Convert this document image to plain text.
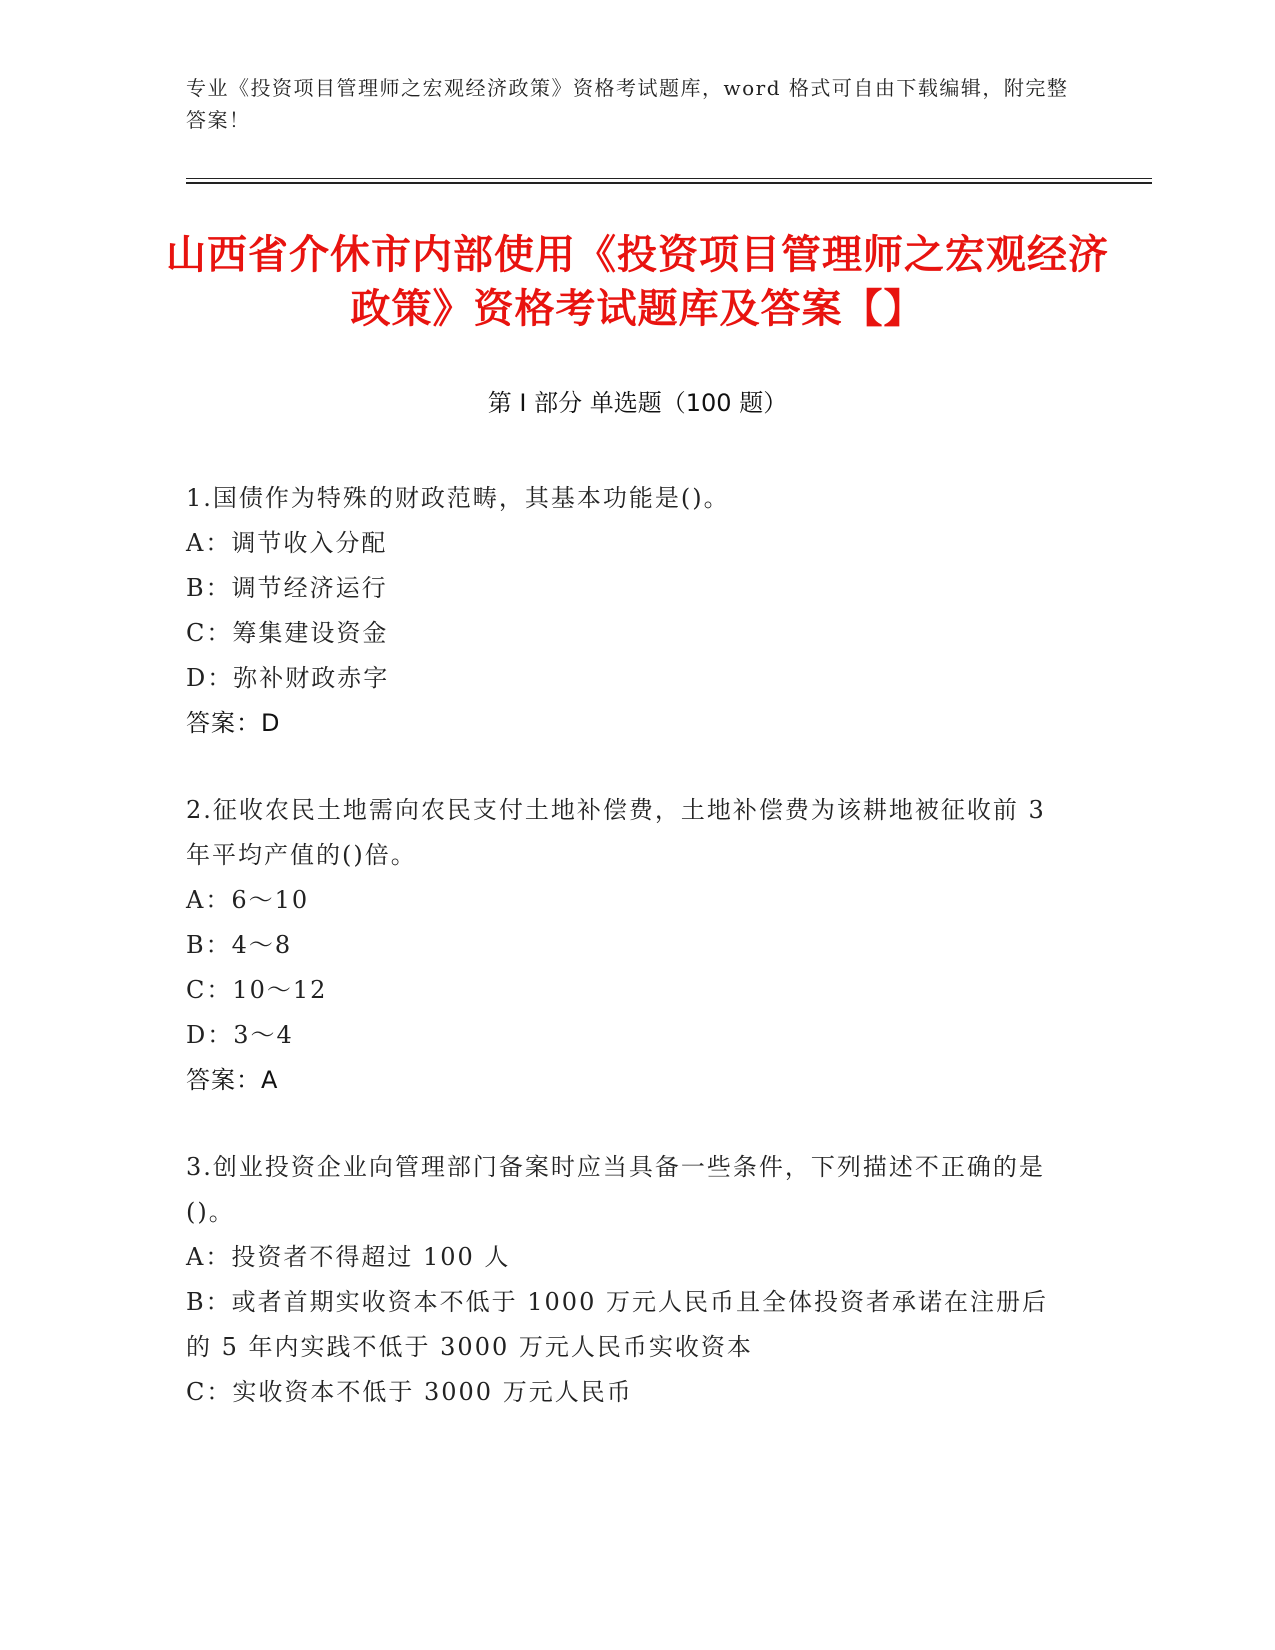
专业《投资项目管理师之宏观经济政策》资格考试题库，word 格式可自由下载编辑，附完整答案！
山西省介休市内部使用《投资项目管理师之宏观经济政策》资格考试题库及答案【】
第 I 部分 单选题（100 题）
1.国债作为特殊的财政范畴，其基本功能是()。
A：调节收入分配
B：调节经济运行
C：筹集建设资金
D：弥补财政赤字
答案：D
2.征收农民土地需向农民支付土地补偿费，土地补偿费为该耕地被征收前 3 年平均产值的()倍。
A：6～10
B：4～8
C：10～12
D：3～4
答案：A
3.创业投资企业向管理部门备案时应当具备一些条件，下列描述不正确的是()。
A：投资者不得超过 100 人
B：或者首期实收资本不低于 1000 万元人民币且全体投资者承诺在注册后的 5 年内实践不低于 3000 万元人民币实收资本
C：实收资本不低于 3000 万元人民币
